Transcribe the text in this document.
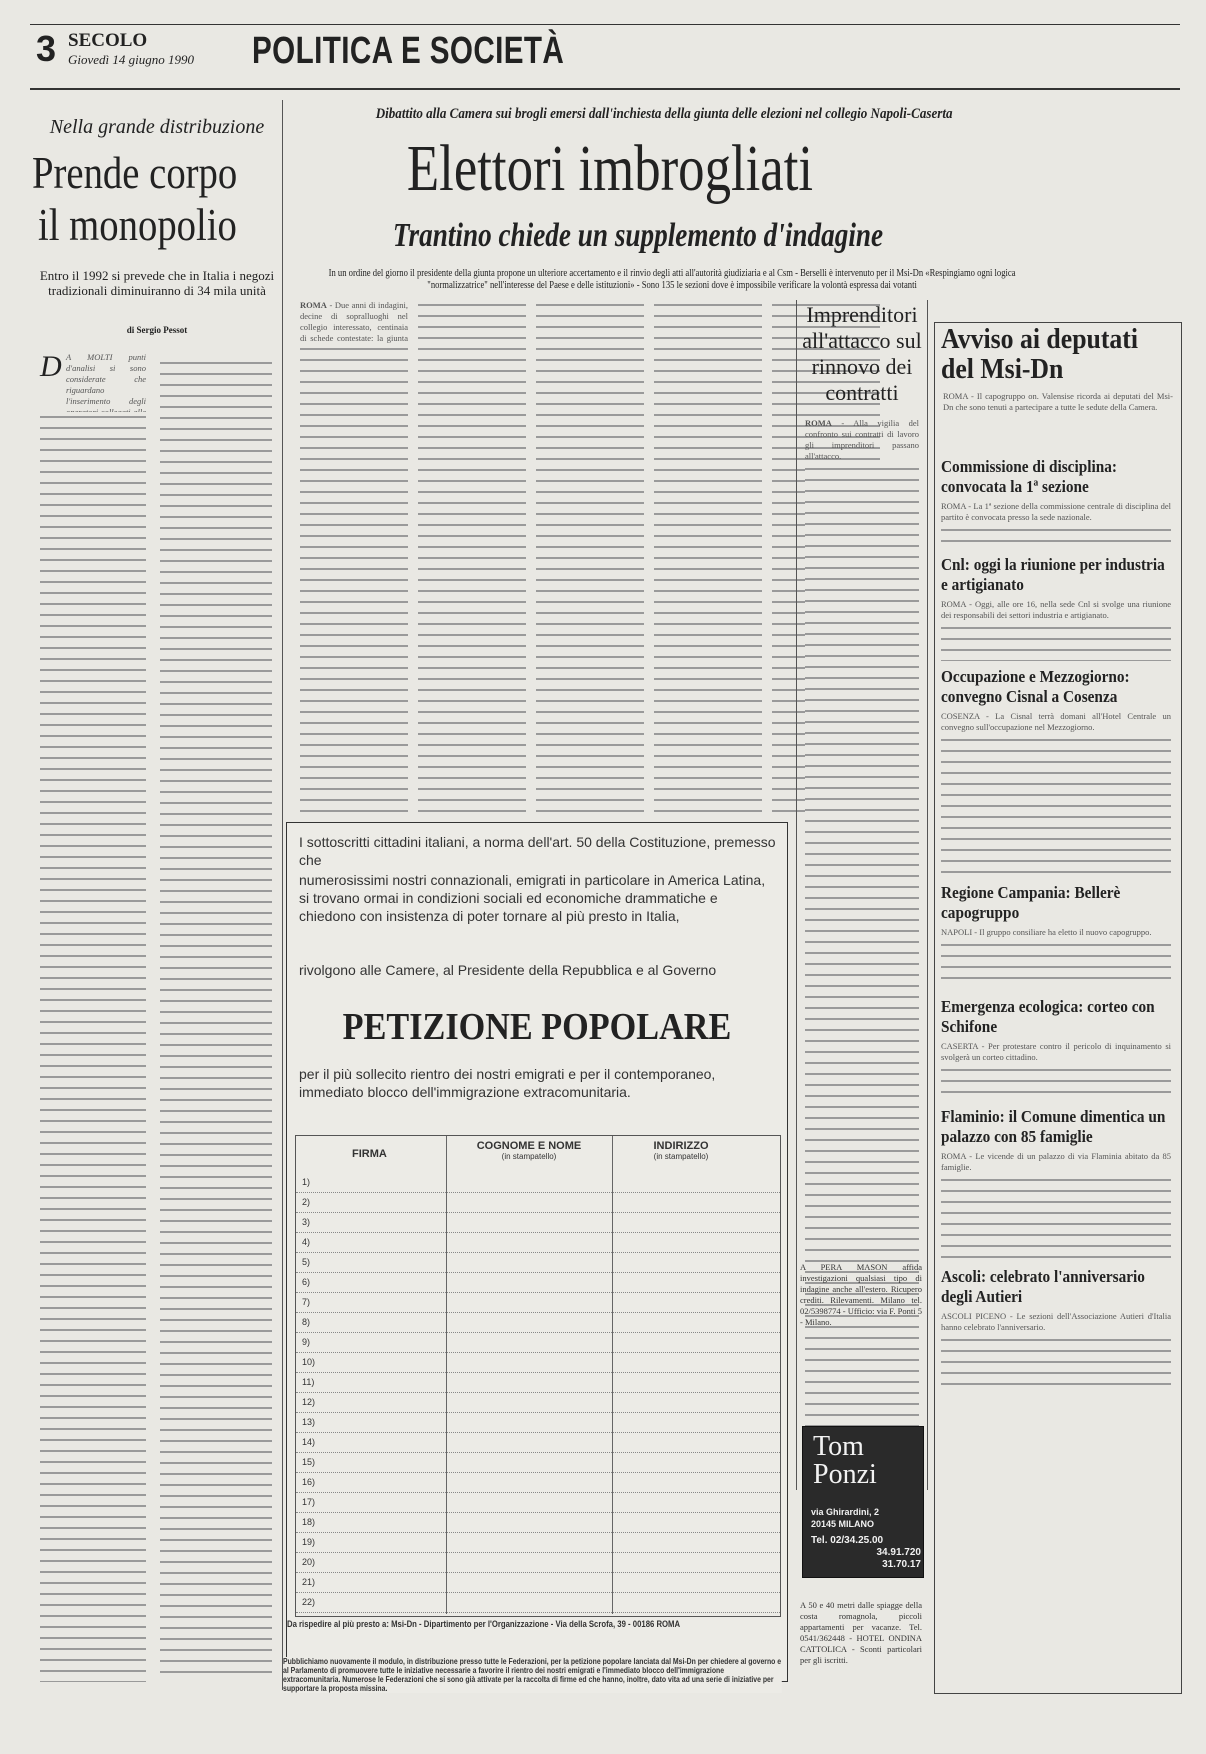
3 SECOLO
Giovedì 14 giugno 1990 POLITICA E SOCIETÀ
Nella grande distribuzione
Prende corpo
il monopolio
Entro il 1992 si prevede che in Italia i negozi tradizionali diminuiranno di 34 mila unità
di Sergio Pessot
D A MOLTI punti d'analisi si sono considerate che riguardano l'inserimento degli
Dibattito alla Camera sui brogli emersi dall'inchiesta della giunta delle elezioni nel collegio Napoli-Caserta
Elettori imbrogliati
Trantino chiede un supplemento d'indagine
In un ordine del giorno il presidente della giunta propone un ulteriore accertamento e il rinvio degli atti all'autorità giudiziaria e al Csm - Berselli è intervenuto per il Msi-Dn «Respingiamo ogni logica "normalizzatrice" nell'interesse del Paese e delle istituzioni» - Sono 135 le sezioni dove è impossibile verificare la volontà espressa dai votanti
ROMA - Due anni di indagini, decine di sopralluoghi nel collegio interessato, centinaia di schede contestate: la giunta
Imprenditori all'attacco sul rinnovo dei contratti
ROMA - Alla vigilia del confronto sui contratti di lavoro gli imprenditori passano all'attacco.
I sottoscritti cittadini italiani, a norma dell'art. 50 della Costituzione, premesso che
numerosissimi nostri connazionali, emigrati in particolare in America Latina, si trovano ormai in condizioni sociali ed economiche drammatiche e chiedono con insistenza di poter tornare al più presto in Italia,
rivolgono alle Camere, al Presidente della Repubblica e al Governo
PETIZIONE POPOLARE
per il più sollecito rientro dei nostri emigrati e per il contemporaneo, immediato blocco dell'immigrazione extracomunitaria.
FIRMA
COGNOME E NOME
(in stampatello)
INDIRIZZO
(in stampatello)
1)
2)
3)
4)
5)
6)
7)
8)
9)
10)
11)
12)
13)
14)
15)
16)
17)
18)
19)
20)
21)
22)
Da rispedire al più presto a: Msi-Dn - Dipartimento per l'Organizzazione - Via della Scrofa, 39 - 00186 ROMA
Pubblichiamo nuovamente il modulo, in distribuzione presso tutte le Federazioni, per la petizione popolare lanciata dal Msi-Dn per chiedere al governo e al Parlamento di promuovere tutte le iniziative necessarie a favorire il rientro dei nostri emigrati e l'immediato blocco dell'immigrazione extracomunitaria. Numerose le Federazioni che si sono già attivate per la raccolta di firme ed che hanno, inoltre, dato vita ad una serie di iniziative per supportare la proposta missina.
A PERA MASON affida investigazioni qualsiasi tipo di indagine anche all'estero. Ricupero crediti. Rilevamenti. Milano tel. 02/5398774 - Ufficio: via F. Ponti 5 - Milano.
Tom Ponzi
via Ghirardini, 2
20145 MILANO
Tel. 02/34.25.00
34.91.720
31.70.17
A 50 e 40 metri dalle spiagge della costa romagnola, piccoli appartamenti per vacanze. Tel. 0541/362448 - HOTEL ONDINA CATTOLICA - Sconti particolari per gli iscritti.
Avviso ai deputati del Msi-Dn
ROMA - Il capogruppo on. Valensise ricorda ai deputati del Msi-Dn che sono tenuti a partecipare a tutte le sedute della Camera.
Commissione di disciplina: convocata la 1ª sezione
ROMA - La 1ª sezione della commissione centrale di disciplina del partito è convocata presso la sede nazionale.
Cnl: oggi la riunione per industria e artigianato
ROMA - Oggi, alle ore 16, nella sede Cnl si svolge una riunione dei responsabili dei settori industria e artigianato.
Occupazione e Mezzogiorno: convegno Cisnal a Cosenza
COSENZA - La Cisnal terrà domani all'Hotel Centrale un convegno sull'occupazione nel Mezzogiorno.
Regione Campania: Bellerè capogruppo
NAPOLI - Il gruppo consiliare ha eletto il nuovo capogruppo.
Emergenza ecologica: corteo con Schifone
CASERTA - Per protestare contro il pericolo di inquinamento si svolgerà un corteo cittadino.
Flaminio: il Comune dimentica un palazzo con 85 famiglie
ROMA - Le vicende di un palazzo di via Flaminia abitato da 85 famiglie.
Ascoli: celebrato l'anniversario degli Autieri
ASCOLI PICENO - Le sezioni dell'Associazione Autieri d'Italia hanno celebrato l'anniversario.
